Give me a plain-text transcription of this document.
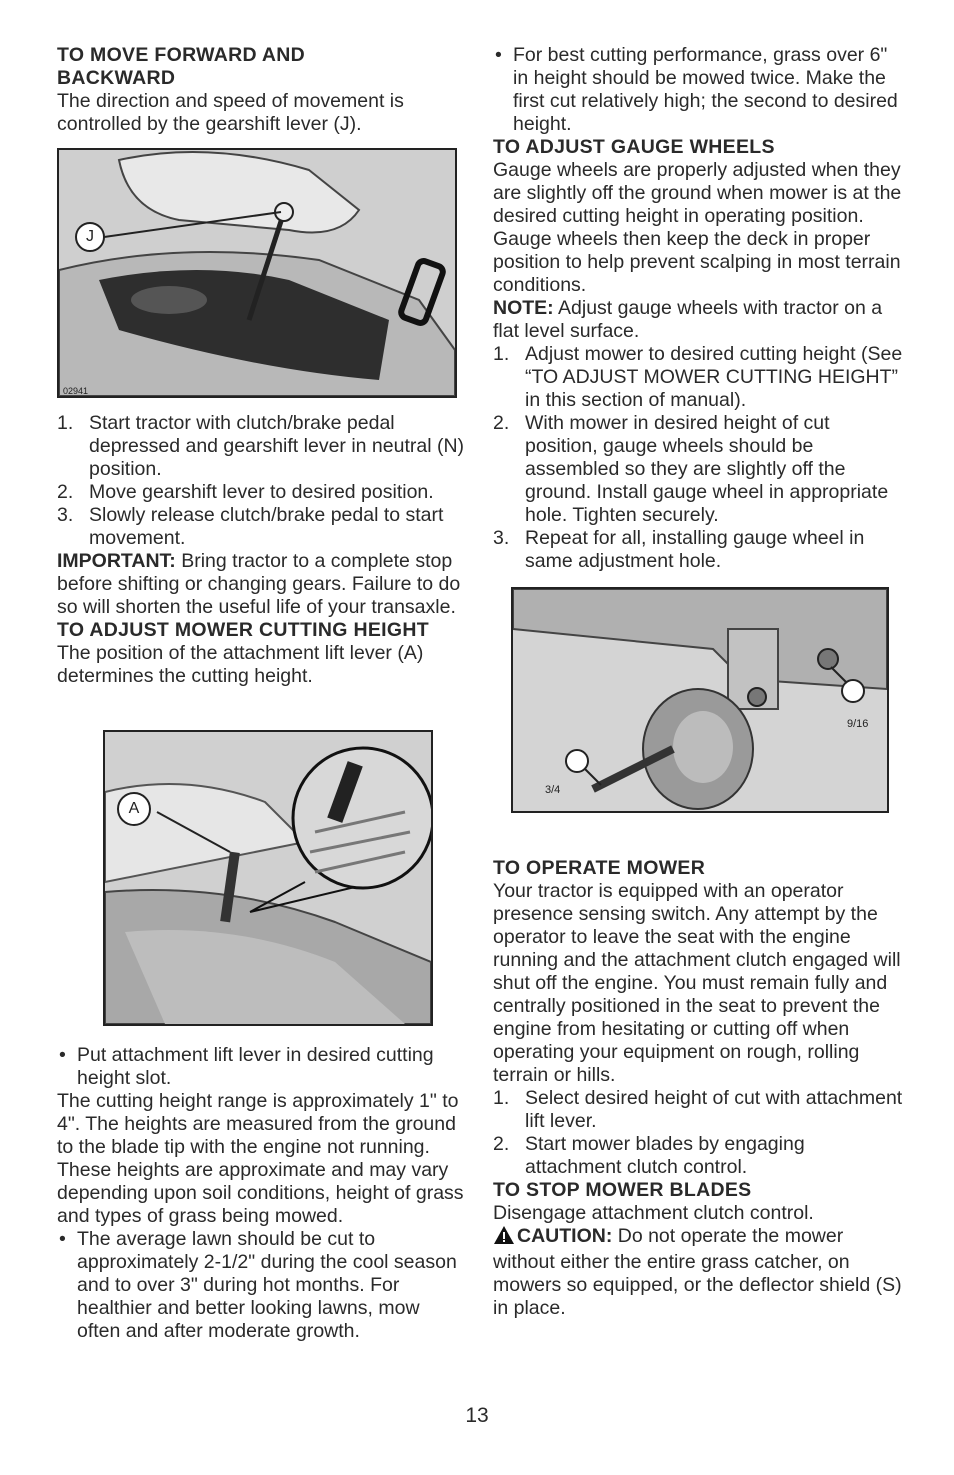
TO MOVE FORWARD AND
BACKWARD

The direction and speed of movement is controlled by the gearshift lever (J).

J
02941
1. Start tractor with clutch/brake pedal depressed and gearshift lever in neutral (N) position.
2. Move gearshift lever to desired position.
3. Slowly release clutch/brake pedal to start movement.

IMPORTANT: Bring tractor to a complete stop before shifting or changing gears. Failure to do so will shorten the useful life of your transaxle.

TO ADJUST MOWER CUTTING HEIGHT

The position of the attachment lift lever (A) determines the cutting height.

A
• Put attachment lift lever in desired cutting height slot.

The cutting height range is approximately 1" to 4". The heights are measured from the ground to the blade tip with the engine not running. These heights are approximate and may vary depending upon soil conditions, height of grass and types of grass being mowed.

• The average lawn should be cut to approximately 2-1/2" during the cool season and to over 3" during hot months. For healthier and better looking lawns, mow often and after moderate growth.
• For best cutting performance, grass over 6" in height should be mowed twice. Make the first cut relatively high; the second to desired height.

TO ADJUST GAUGE WHEELS

Gauge wheels are properly adjusted when they are slightly off the ground when mower is at the desired cutting height in operating position. Gauge wheels then keep the deck in proper position to help prevent scalping in most terrain conditions.

NOTE: Adjust gauge wheels with tractor on a flat level surface.

1. Adjust mower to desired cutting height (See “TO ADJUST MOWER CUTTING HEIGHT” in this section of manual).
2. With mower in desired height of cut position, gauge wheels should be assembled so they are slightly off the ground. Install gauge wheel in appropriate hole. Tighten securely.
3. Repeat for all, installing gauge wheel in same adjustment hole.
9/16
3/4

TO OPERATE MOWER

Your tractor is equipped with an operator presence sensing switch. Any attempt by the operator to leave the seat with the engine running and the attachment clutch engaged will shut off the engine. You must remain fully and centrally positioned in the seat to prevent the engine from hesitating or cutting off when operating your equipment on rough, rolling terrain or hills.

1. Select desired height of cut with attachment lift lever.
2. Start mower blades by engaging attachment clutch control.

TO STOP MOWER BLADES

Disengage attachment clutch control.

CAUTION: Do not operate the mower without either the entire grass catcher, on mowers so equipped, or the deflector shield (S) in place.

13
